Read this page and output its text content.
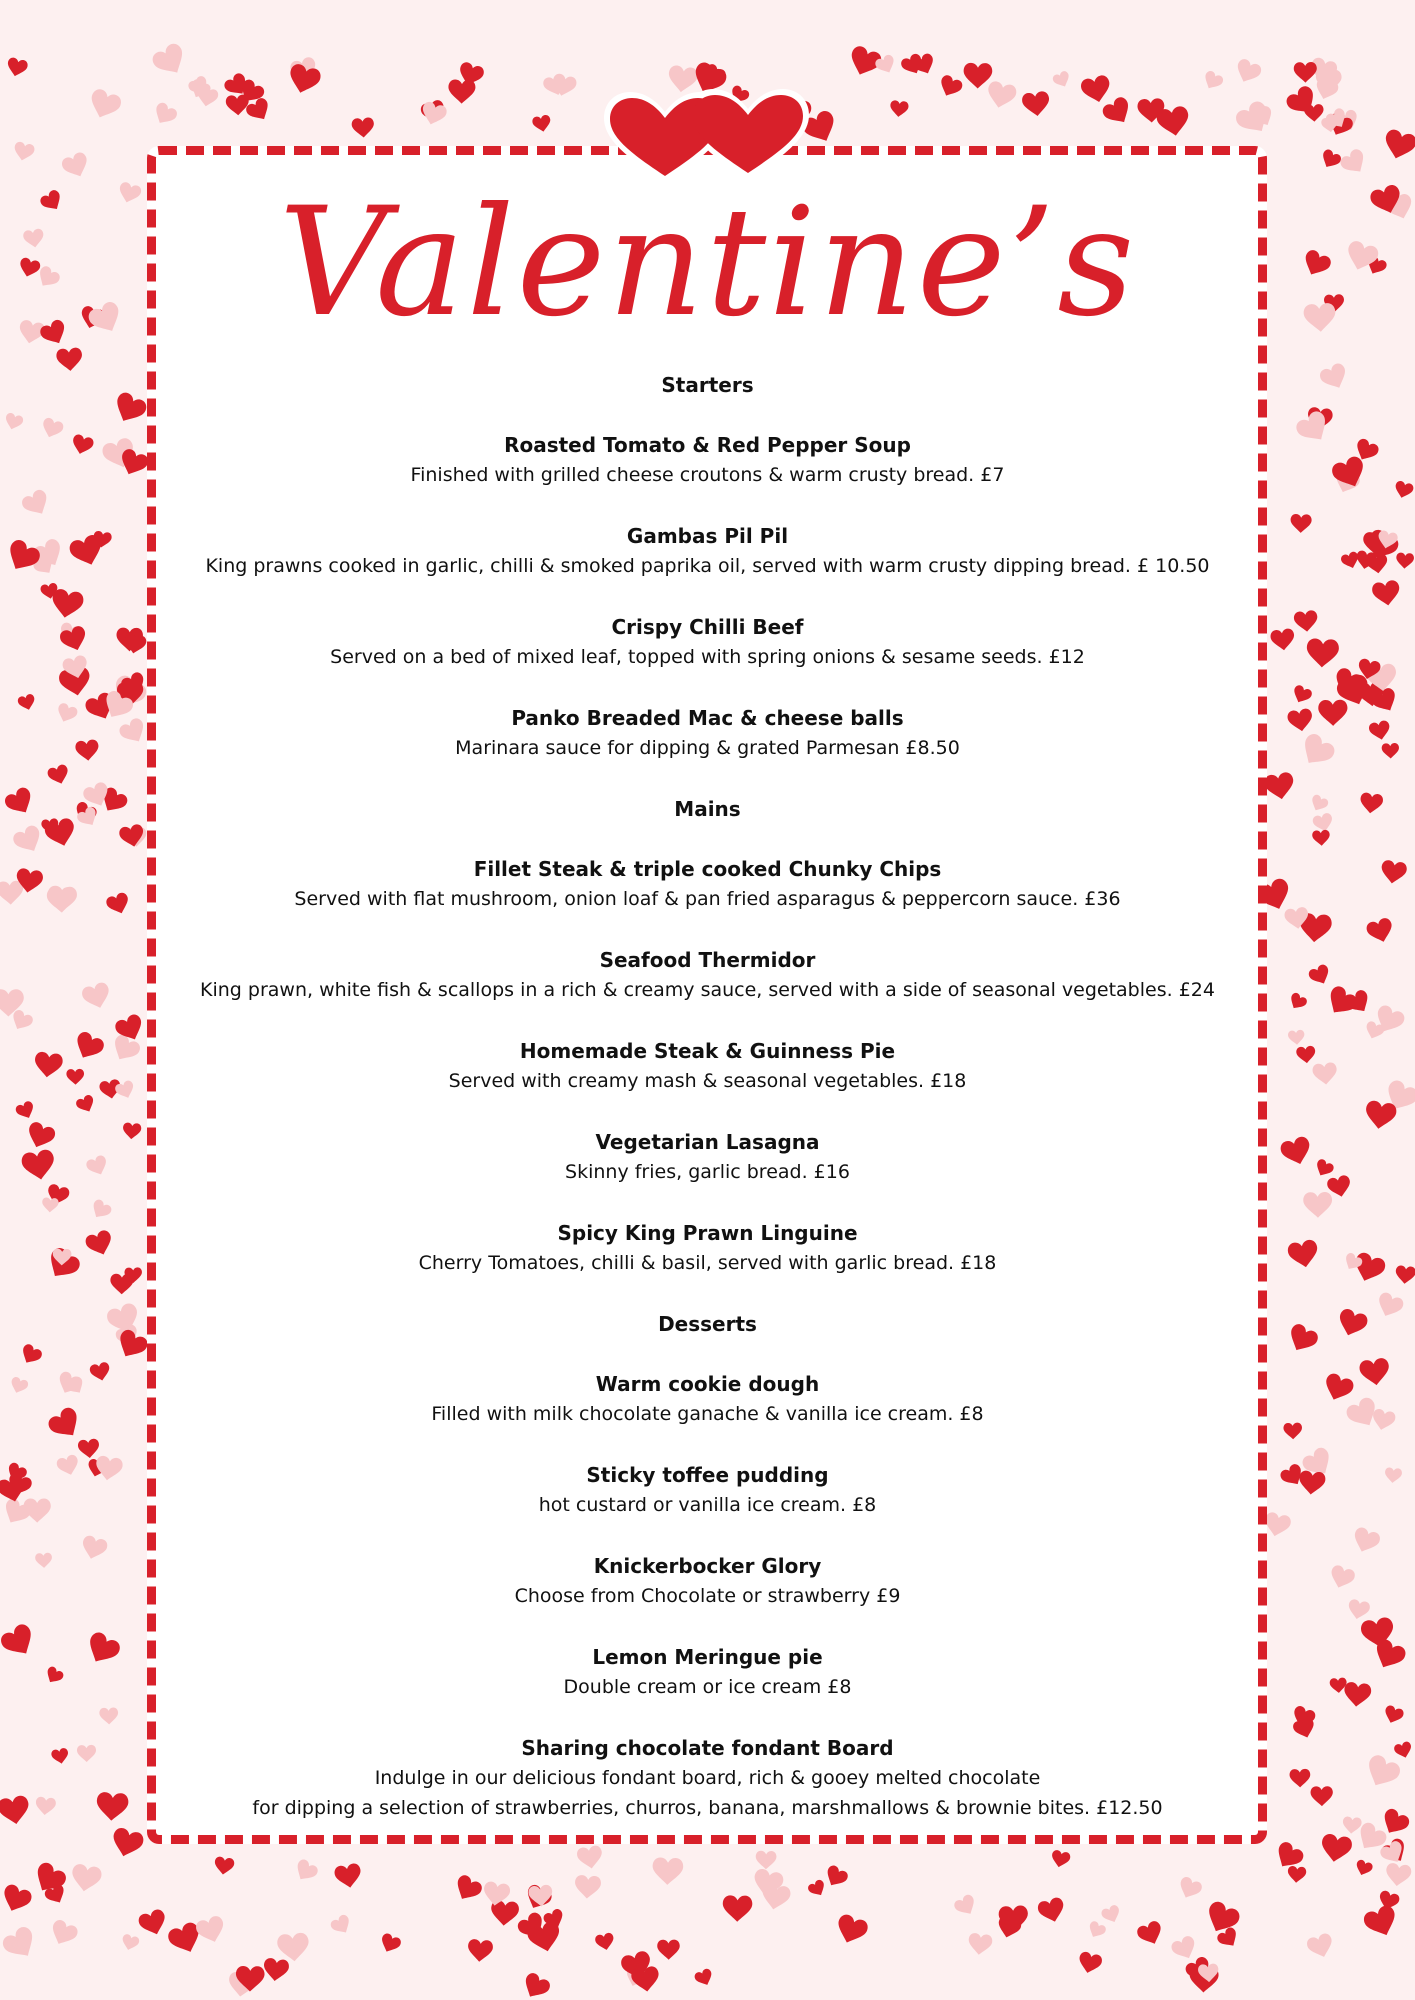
Valentine’s
Starters
Roasted Tomato & Red Pepper Soup
Finished with grilled cheese croutons & warm crusty bread. £7
Gambas Pil Pil
King prawns cooked in garlic, chilli & smoked paprika oil, served with warm crusty dipping bread. £ 10.50
Crispy Chilli Beef
Served on a bed of mixed leaf, topped with spring onions & sesame seeds. £12
Panko Breaded Mac & cheese balls
Marinara sauce for dipping & grated Parmesan £8.50
Mains
Fillet Steak & triple cooked Chunky Chips
Served with flat mushroom, onion loaf & pan fried asparagus & peppercorn sauce. £36
Seafood Thermidor
King prawn, white fish & scallops in a rich & creamy sauce, served with a side of seasonal vegetables. £24
Homemade Steak & Guinness Pie
Served with creamy mash & seasonal vegetables. £18
Vegetarian Lasagna
Skinny fries, garlic bread. £16
Spicy King Prawn Linguine
Cherry Tomatoes, chilli & basil, served with garlic bread. £18
Desserts
Warm cookie dough
Filled with milk chocolate ganache & vanilla ice cream. £8
Sticky toffee pudding
hot custard or vanilla ice cream. £8
Knickerbocker Glory
Choose from Chocolate or strawberry £9
Lemon Meringue pie
Double cream or ice cream £8
Sharing chocolate fondant Board
Indulge in our delicious fondant board, rich & gooey melted chocolate
for dipping a selection of strawberries, churros, banana, marshmallows & brownie bites. £12.50
